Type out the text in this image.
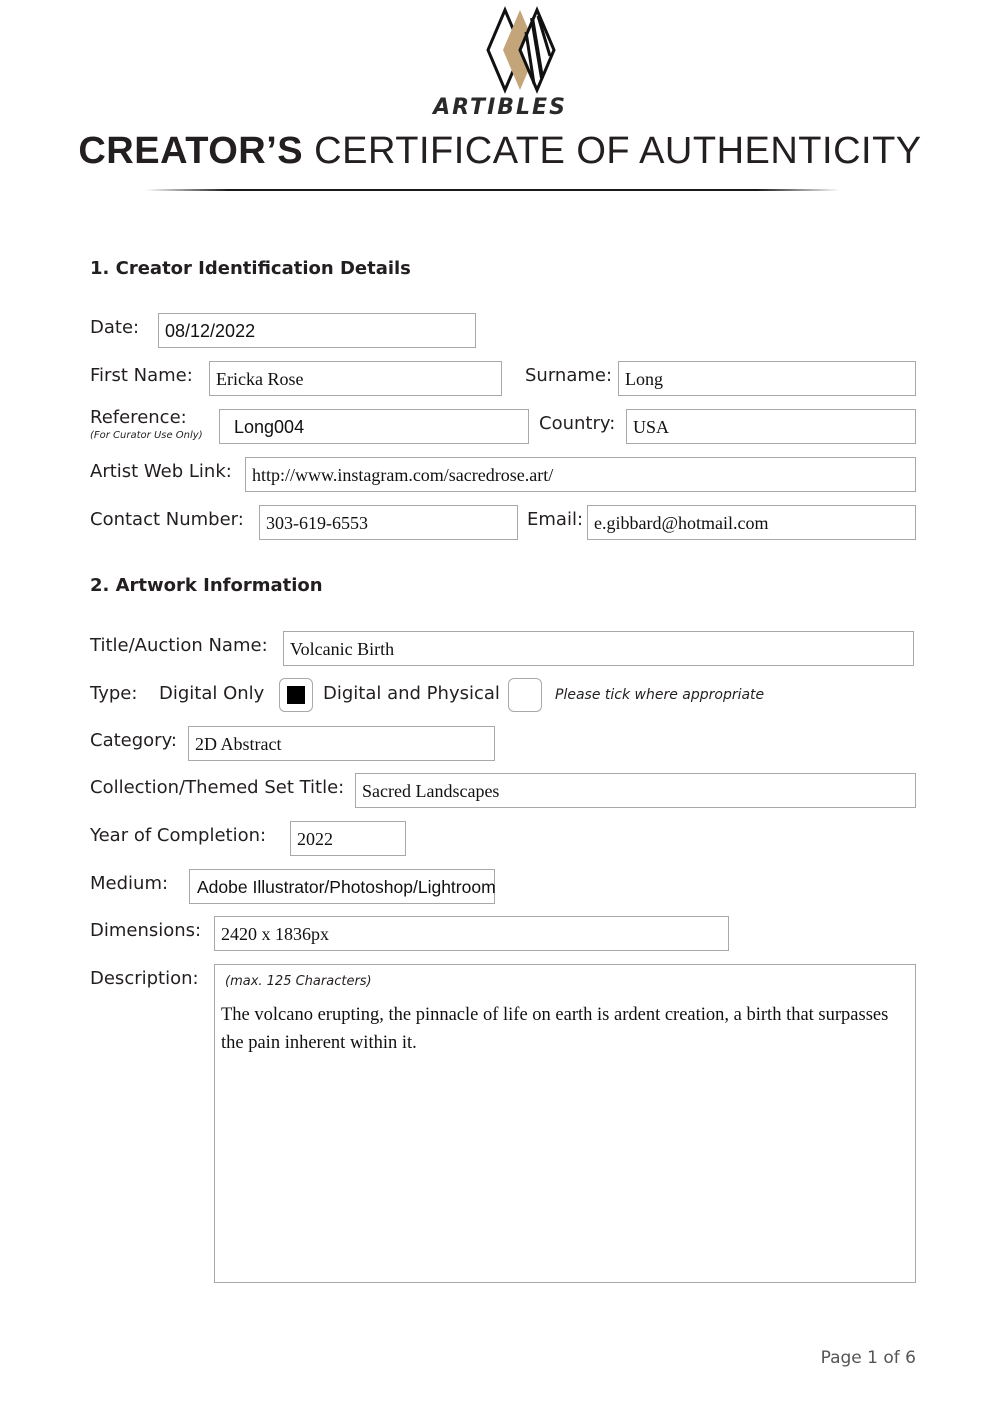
ARTIBLES
CREATOR’S CERTIFICATE OF AUTHENTICITY
1. Creator Identification Details
Date:	08/12/2022
First Name:	Ericka Rose	Surname: Long
Reference:
(For Curator Use Only)	Long004	Country: USA
Artist Web Link:	http://www.instagram.com/sacredrose.art/
Contact Number:	303-619-6553	Email: e.gibbard@hotmail.com
2. Artwork Information
Title/Auction Name:	Volcanic Birth
Type: Digital Only	Digital and Physical	Please tick where appropriate
Category:	2D Abstract
Collection/Themed Set Title: Sacred Landscapes
Year of Completion:	2022
Medium:	Adobe Illustrator/Photoshop/Lightroom
Dimensions:	2420 x 1836px
Description: (max. 125 Characters)
The volcano erupting, the pinnacle of life on earth is ardent creation, a birth that surpasses the pain inherent within it.
Page 1 of 6
